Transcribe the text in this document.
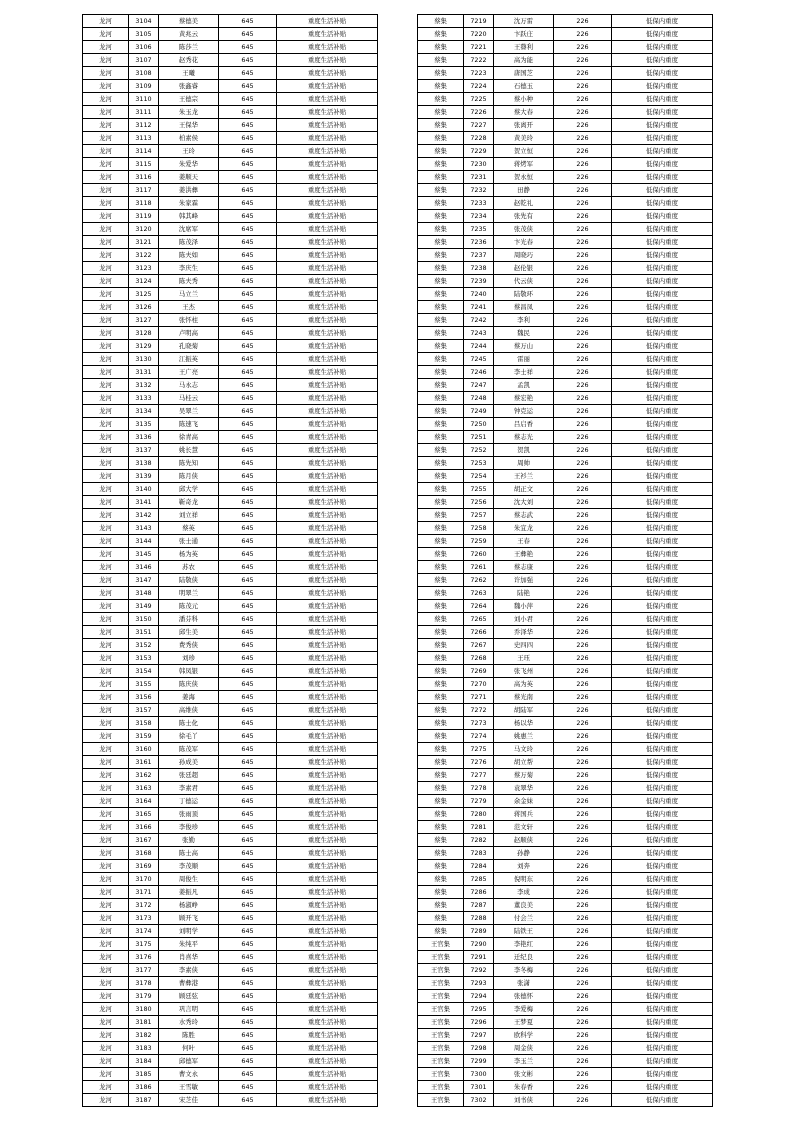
龙河	3104	蔡德美	645	重度生活补贴
龙河	3105	黄兆云	645	重度生活补贴
龙河	3106	陈莎兰	645	重度生活补贴
龙河	3107	赵秀花	645	重度生活补贴
龙河	3108	王曦	645	重度生活补贴
龙河	3109	张鑫睿	645	重度生活补贴
龙河	3110	王德宗	645	重度生活补贴
龙河	3111	朱玉龙	645	重度生活补贴
龙河	3112	王保华	645	重度生活补贴
龙河	3113	柏素侯	645	重度生活补贴
龙河	3114	王玲	645	重度生活补贴
龙河	3115	朱爱华	645	重度生活补贴
龙河	3116	姜顺天	645	重度生活补贴
龙河	3117	姜洪彝	645	重度生活补贴
龙河	3118	朱家霖	645	重度生活补贴
龙河	3119	韩其峰	645	重度生活补贴
龙河	3120	沈席军	645	重度生活补贴
龙河	3121	陈茂泽	645	重度生活补贴
龙河	3122	陈夫如	645	重度生活补贴
龙河	3123	李庆生	645	重度生活补贴
龙河	3124	陈夫秀	645	重度生活补贴
龙河	3125	马立兰	645	重度生活补贴
龙河	3126	王杰	645	重度生活补贴
龙河	3127	张怀柱	645	重度生活补贴
龙河	3128	卢明高	645	重度生活补贴
龙河	3129	孔晓菊	645	重度生活补贴
龙河	3130	江振英	645	重度生活补贴
龙河	3131	王广亮	645	重度生活补贴
龙河	3132	马永志	645	重度生活补贴
龙河	3133	马桂云	645	重度生活补贴
龙河	3134	吴翠兰	645	重度生活补贴
龙河	3135	陈速飞	645	重度生活补贴
龙河	3136	徐青高	645	重度生活补贴
龙河	3137	姚长慧	645	重度生活补贴
龙河	3138	陈先知	645	重度生活补贴
龙河	3139	陈月侠	645	重度生活补贴
龙河	3140	邱大学	645	重度生活补贴
龙河	3141	靳奇龙	645	重度生活补贴
龙河	3142	刘立祥	645	重度生活补贴
龙河	3143	蔡英	645	重度生活补贴
龙河	3144	张士通	645	重度生活补贴
龙河	3145	杨为英	645	重度生活补贴
龙河	3146	苏农	645	重度生活补贴
龙河	3147	陆敬侠	645	重度生活补贴
龙河	3148	明翠兰	645	重度生活补贴
龙河	3149	陈茂元	645	重度生活补贴
龙河	3150	潘芬科	645	重度生活补贴
龙河	3151	邱生美	645	重度生活补贴
龙河	3152	费秀侠	645	重度生活补贴
龙河	3153	刘珍	645	重度生活补贴
龙河	3154	韩凤银	645	重度生活补贴
龙河	3155	陈庆侠	645	重度生活补贴
龙河	3156	姜海	645	重度生活补贴
龙河	3157	高维侠	645	重度生活补贴
龙河	3158	陈士化	645	重度生活补贴
龙河	3159	徐毛丫	645	重度生活补贴
龙河	3160	陈茂军	645	重度生活补贴
龙河	3161	孙成美	645	重度生活补贴
龙河	3162	张廷超	645	重度生活补贴
龙河	3163	李素君	645	重度生活补贴
龙河	3164	丁德运	645	重度生活补贴
龙河	3165	张雨顶	645	重度生活补贴
龙河	3166	李俊珍	645	重度生活补贴
龙河	3167	张勤	645	重度生活补贴
龙河	3168	陈士高	645	重度生活补贴
龙河	3169	李茂顺	645	重度生活补贴
龙河	3170	周俊生	645	重度生活补贴
龙河	3171	姜振凡	645	重度生活补贴
龙河	3172	杨淑峥	645	重度生活补贴
龙河	3173	顾开飞	645	重度生活补贴
龙河	3174	刘明学	645	重度生活补贴
龙河	3175	朱纯平	645	重度生活补贴
龙河	3176	肖喜华	645	重度生活补贴
龙河	3177	李素侠	645	重度生活补贴
龙河	3178	曹彝港	645	重度生活补贴
龙河	3179	顾廷弦	645	重度生活补贴
龙河	3180	巩言明	645	重度生活补贴
龙河	3181	水秀玲	645	重度生活补贴
龙河	3182	陈胜	645	重度生活补贴
龙河	3183	何叶	645	重度生活补贴
龙河	3184	邱德军	645	重度生活补贴
龙河	3185	曹文永	645	重度生活补贴
龙河	3186	王雪敏	645	重度生活补贴
龙河	3187	宋芝佳	645	重度生活补贴
蔡集	7219	沈万雷	226	低保内重度
蔡集	7220	卞跃庄	226	低保内重度
蔡集	7221	王瞽利	226	低保内重度
蔡集	7222	高为能	226	低保内重度
蔡集	7223	唐国芝	226	低保内重度
蔡集	7224	石德玉	226	低保内重度
蔡集	7225	蔡小种	226	低保内重度
蔡集	7226	蔡大春	226	低保内重度
蔡集	7227	张离开	226	低保内重度
蔡集	7228	黄美玲	226	低保内重度
蔡集	7229	贺立恒	226	低保内重度
蔡集	7230	蒋烤军	226	低保内重度
蔡集	7231	贺永恒	226	低保内重度
蔡集	7232	田静	226	低保内重度
蔡集	7233	赵乾礼	226	低保内重度
蔡集	7234	张先有	226	低保内重度
蔡集	7235	张茂侠	226	低保内重度
蔡集	7236	卞光春	226	低保内重度
蔡集	7237	周晓巧	226	低保内重度
蔡集	7238	赵伦银	226	低保内重度
蔡集	7239	代云侠	226	低保内重度
蔡集	7240	陆敬环	226	低保内重度
蔡集	7241	蔡昌凤	226	低保内重度
蔡集	7242	李利	226	低保内重度
蔡集	7243	魏民	226	低保内重度
蔡集	7244	蔡万山	226	低保内重度
蔡集	7245	雷丽	226	低保内重度
蔡集	7246	李士祥	226	低保内重度
蔡集	7247	孟凯	226	低保内重度
蔡集	7248	蔡宏艳	226	低保内重度
蔡集	7249	钟克运	226	低保内重度
蔡集	7250	吕启香	226	低保内重度
蔡集	7251	蔡志光	226	低保内重度
蔡集	7252	贺凯	226	低保内重度
蔡集	7253	周帅	226	低保内重度
蔡集	7254	王衫兰	226	低保内重度
蔡集	7255	胡正文	226	低保内重度
蔡集	7256	沈大刘	226	低保内重度
蔡集	7257	蔡志武	226	低保内重度
蔡集	7258	朱宜龙	226	低保内重度
蔡集	7259	王春	226	低保内重度
蔡集	7260	王彝艳	226	低保内重度
蔡集	7261	蔡志康	226	低保内重度
蔡集	7262	许加强	226	低保内重度
蔡集	7263	陆艳	226	低保内重度
蔡集	7264	魏小萍	226	低保内重度
蔡集	7265	刘小君	226	低保内重度
蔡集	7266	乔泽华	226	低保内重度
蔡集	7267	史四四	226	低保内重度
蔡集	7268	王珏	226	低保内重度
蔡集	7269	张飞州	226	低保内重度
蔡集	7270	高为英	226	低保内重度
蔡集	7271	蔡光南	226	低保内重度
蔡集	7272	胡陆军	226	低保内重度
蔡集	7273	杨以华	226	低保内重度
蔡集	7274	姚惠兰	226	低保内重度
蔡集	7275	马文玲	226	低保内重度
蔡集	7276	胡立帮	226	低保内重度
蔡集	7277	蔡万菊	226	低保内重度
蔡集	7278	袁翠华	226	低保内重度
蔡集	7279	余金妹	226	低保内重度
蔡集	7280	蒋国兵	226	低保内重度
蔡集	7281	范文轩	226	低保内重度
蔡集	7282	赵顺侠	226	低保内重度
蔡集	7283	孙静	226	低保内重度
蔡集	7284	刘奔	226	低保内重度
蔡集	7285	倪明东	226	低保内重度
蔡集	7286	李成	226	低保内重度
蔡集	7287	董良美	226	低保内重度
蔡集	7288	付会兰	226	低保内重度
蔡集	7289	陆铁王	226	低保内重度
王官集	7290	李艳红	226	低保内重度
王官集	7291	迁纪良	226	低保内重度
王官集	7292	李冬梅	226	低保内重度
王官集	7293	张潇	226	低保内重度
王官集	7294	张德怀	226	低保内重度
王官集	7295	李爱梅	226	低保内重度
王官集	7296	王梦夏	226	低保内重度
王官集	7297	欧科学	226	低保内重度
王官集	7298	周金侠	226	低保内重度
王官集	7299	李玉兰	226	低保内重度
王官集	7300	张文彬	226	低保内重度
王官集	7301	朱春香	226	低保内重度
王官集	7302	刘书侠	226	低保内重度
